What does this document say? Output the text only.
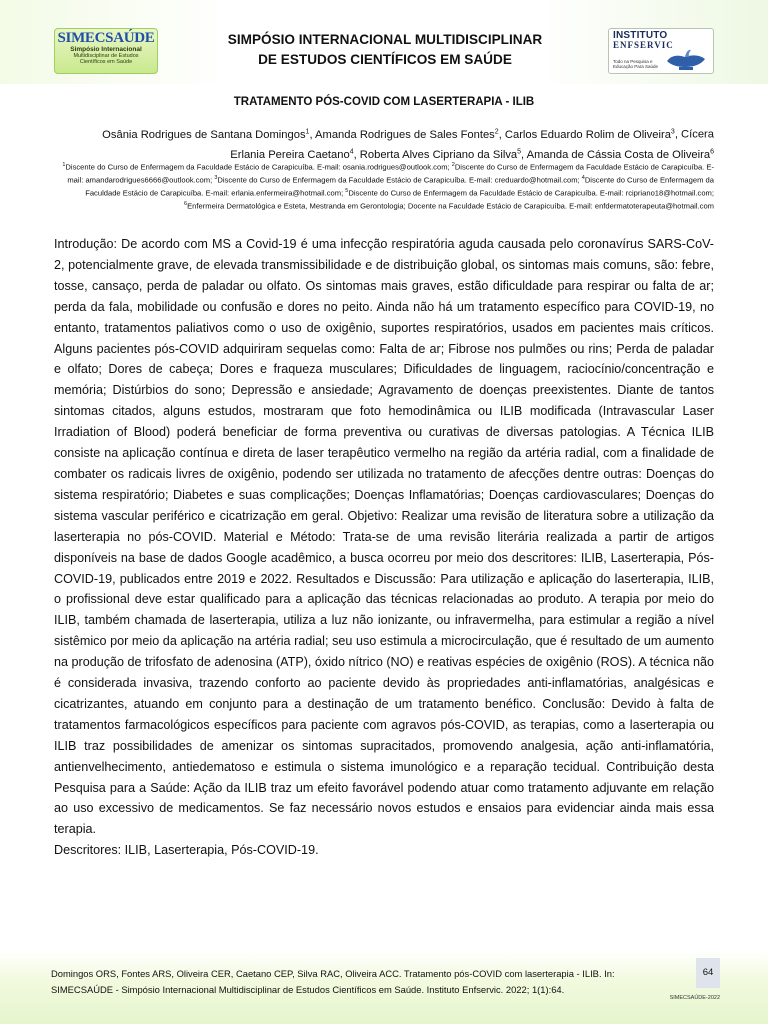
SIMECSAÚDE
Simpósio Internacional
Multidisciplinar de Estudos
Científicos em Saúde
SIMPÓSIO INTERNACIONAL MULTIDISCIPLINAR
DE ESTUDOS CIENTÍFICOS EM SAÚDE
INSTITUTO
ENFSERVIC
Todo na Pesquisa e Educação Para Saúde
TRATAMENTO PÓS-COVID COM LASERTERAPIA - ILIB
Osânia Rodrigues de Santana Domingos$^1$, Amanda Rodrigues de Sales Fontes$^2$, Carlos Eduardo Rolim de Oliveira$^3$, Cícera
Erlania Pereira Caetano$^4$, Roberta Alves Cipriano da Silva$^5$, Amanda de Cássia Costa de Oliveira$^6$
$^1$Discente do Curso de Enfermagem da Faculdade Estácio de Carapicuíba. E-mail: osania.rodrigues@outlook.com; $^2$Discente do Curso de Enfermagem da Faculdade Estácio de Carapicuíba. E-mail: amandarodrigues6666@outlook.com; $^3$Discente do Curso de Enfermagem da Faculdade Estácio de Carapicuíba. E-mail: creduardo@hotmail.com; $^4$Discente do Curso de Enfermagem da Faculdade Estácio de Carapicuíba. E-mail: erlania.enfermeira@hotmail.com; $^5$Discente do Curso de Enfermagem da Faculdade Estácio de Carapicuíba. E-mail: rcipriano18@hotmail.com; $^6$Enfermeira Dermatológica e Esteta, Mestranda em Gerontologia; Docente na Faculdade Estácio de Carapicuíba. E-mail: enfdermatoterapeuta@hotmail.com

Introdução: De acordo com MS a Covid-19 é uma infecção respiratória aguda causada pelo coronavírus SARS-CoV-2, potencialmente grave, de elevada transmissibilidade e de distribuição global, os sintomas mais comuns, são: febre, tosse, cansaço, perda de paladar ou olfato. Os sintomas mais graves, estão dificuldade para respirar ou falta de ar; perda da fala, mobilidade ou confusão e dores no peito. Ainda não há um tratamento específico para COVID-19, no entanto, tratamentos paliativos como o uso de oxigênio, suportes respiratórios, usados em pacientes mais críticos. Alguns pacientes pós-COVID adquiriram sequelas como: Falta de ar; Fibrose nos pulmões ou rins; Perda de paladar e olfato; Dores de cabeça; Dores e fraqueza musculares; Dificuldades de linguagem, raciocínio/concentração e memória; Distúrbios do sono; Depressão e ansiedade; Agravamento de doenças preexistentes. Diante de tantos sintomas citados, alguns estudos, mostraram que foto hemodinâmica ou ILIB modificada (Intravascular Laser Irradiation of Blood) poderá beneficiar de forma preventiva ou curativas de diversas patologias. A Técnica ILIB consiste na aplicação contínua e direta de laser terapêutico vermelho na região da artéria radial, com a finalidade de combater os radicais livres de oxigênio, podendo ser utilizada no tratamento de afecções dentre outras: Doenças do sistema respiratório; Diabetes e suas complicações; Doenças Inflamatórias; Doenças cardiovasculares; Doenças do sistema vascular periférico e cicatrização em geral. Objetivo: Realizar uma revisão de literatura sobre a utilização da laserterapia no pós-COVID. Material e Método: Trata-se de uma revisão literária realizada a partir de artigos disponíveis na base de dados Google acadêmico, a busca ocorreu por meio dos descritores: ILIB, Laserterapia, Pós-COVID-19, publicados entre 2019 e 2022. Resultados e Discussão: Para utilização e aplicação do laserterapia, ILIB, o profissional deve estar qualificado para a aplicação das técnicas relacionadas ao produto. A terapia por meio do ILIB, também chamada de laserterapia, utiliza a luz não ionizante, ou infravermelha, para estimular a região a nível sistêmico por meio da aplicação na artéria radial; seu uso estimula a microcirculação, que é resultado de um aumento na produção de trifosfato de adenosina (ATP), óxido nítrico (NO) e reativas espécies de oxigênio (ROS). A técnica não é considerada invasiva, trazendo conforto ao paciente devido às propriedades anti-inflamatórias, analgésicas e cicatrizantes, atuando em conjunto para a destinação de um tratamento benéfico. Conclusão: Devido à falta de tratamentos farmacológicos específicos para paciente com agravos pós-COVID, as terapias, como a laserterapia ou ILIB traz possibilidades de amenizar os sintomas supracitados, promovendo analgesia, ação anti-inflamatória, antienvelhecimento, antiedematoso e estimula o sistema imunológico e a reparação tecidual. Contribuição desta Pesquisa para a Saúde: Ação da ILIB traz um efeito favorável podendo atuar como tratamento adjuvante em relação ao uso excessivo de medicamentos. Se faz necessário novos estudos e ensaios para evidenciar ainda mais essa terapia.

Descritores: ILIB, Laserterapia, Pós-COVID-19.

Domingos ORS, Fontes ARS, Oliveira CER, Caetano CEP, Silva RAC, Oliveira ACC. Tratamento pós-COVID com laserterapia - ILIB. In:
SIMECSAÚDE - Simpósio Internacional Multidisciplinar de Estudos Científicos em Saúde. Instituto Enfservic. 2022; 1(1):64.
64
SIMECSAÚDE-2022
